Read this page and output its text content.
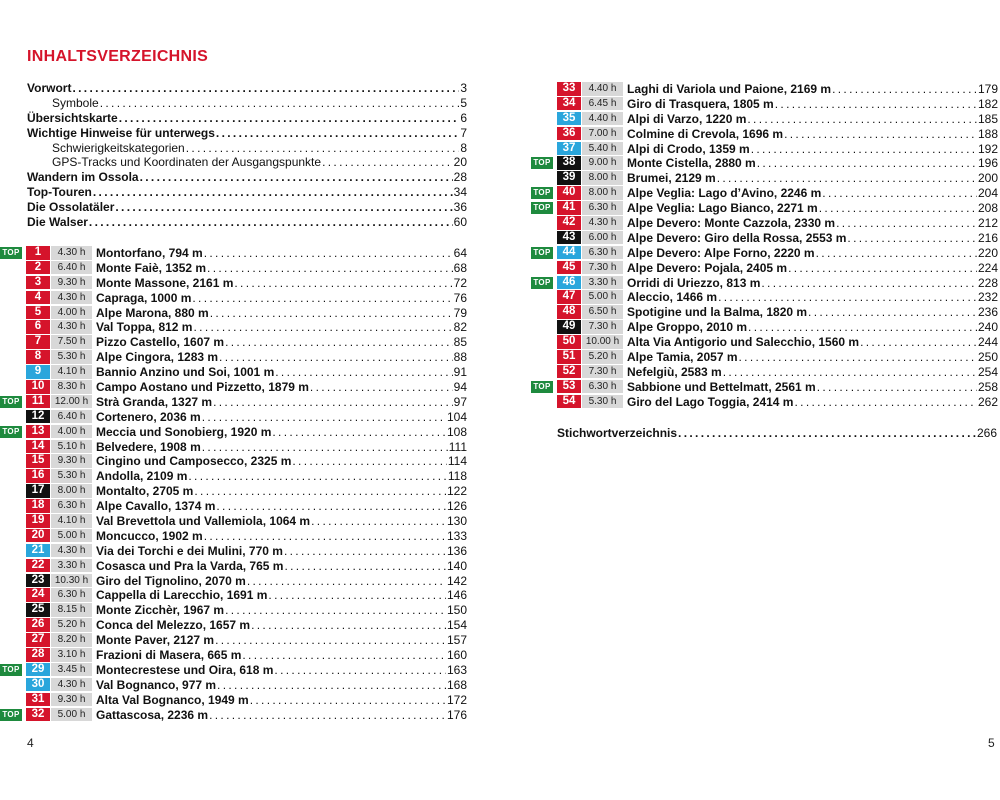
INHALTSVERZEICHNIS
Vorwort . . .	3
Symbole . . .	5
Übersichtskarte . . .	6
Wichtige Hinweise für unterwegs . . .	7
Schwierigkeitskategorien . . .	8
GPS-Tracks und Koordinaten der Ausgangspunkte . . .	20
Wandern im Ossola . . .	28
Top-Touren . . .	34
Die Ossolatäler . . .	36
Die Walser . . .	60
TOP	1	4.30 h Montorfano, 794 m . . .	64
2	6.40 h Monte Faiè, 1352 m . . .	68
3	9.30 h Monte Massone, 2161 m . . .	72
4	4.30 h Capraga, 1000 m . . .	76
5	4.00 h Alpe Marona, 880 m . . .	79
6	4.30 h Val Toppa, 812 m . . .	82
7	7.50 h Pizzo Castello, 1607 m . . .	85
8	5.30 h Alpe Cingora, 1283 m . . .	88
9	4.10 h Bannio Anzino und Soi, 1001 m . . .	91
10	8.30 h Campo Aostano und Pizzetto, 1879 m . . .	94
TOP	11	12.00 h Strà Granda, 1327 m . . .	97
12	6.40 h Cortenero, 2036 m . . .	104
TOP	13	4.00 h Meccia und Sonobierg, 1920 m . . .	108
14	5.10 h Belvedere, 1908 m . . .	111
15	9.30 h Cingino und Camposecco, 2325 m . . .	114
16	5.30 h Andolla, 2109 m . . .	118
17	8.00 h Montalto, 2705 m . . .	122
18	6.30 h Alpe Cavallo, 1374 m . . .	126
19	4.10 h Val Brevettola und Vallemiola, 1064 m . . .	130
20	5.00 h Moncucco, 1902 m . . .	133
21	4.30 h Via dei Torchi e dei Mulini, 770 m . . .	136
22	3.30 h Cosasca und Pra la Varda, 765 m . . .	140
23	10.30 h Giro del Tignolino, 2070 m . . .	142
24	6.30 h Cappella di Larecchio, 1691 m . . .	146
25	8.15 h Monte Zicchèr, 1967 m . . .	150
26	5.20 h Conca del Melezzo, 1657 m . . .	154
27	8.20 h Monte Paver, 2127 m . . .	157
28	3.10 h Frazioni di Masera, 665 m . . .	160
TOP	29	3.45 h Montecrestese und Oira, 618 m . . .	163
30	4.30 h Val Bognanco, 977 m . . .	168
31	9.30 h Alta Val Bognanco, 1949 m . . .	172
TOP	32	5.00 h Gattascosa, 2236 m . . .	176
33	4.40 h Laghi di Variola und Paione, 2169 m . . .	179
34	6.45 h Giro di Trasquera, 1805 m . . .	182
35	4.40 h Alpi di Varzo, 1220 m . . .	185
36	7.00 h Colmine di Crevola, 1696 m . . .	188
37	5.40 h Alpi di Crodo, 1359 m . . .	192
TOP	38	9.00 h Monte Cistella, 2880 m . . .	196
39	8.00 h Brumei, 2129 m . . .	200
TOP	40	8.00 h Alpe Veglia: Lago d’Avino, 2246 m . . .	204
TOP	41	6.30 h Alpe Veglia: Lago Bianco, 2271 m . . .	208
42	4.30 h Alpe Devero: Monte Cazzola, 2330 m . . .	212
43	6.00 h Alpe Devero: Giro della Rossa, 2553 m . . .	216
TOP	44	6.30 h Alpe Devero: Alpe Forno, 2220 m . . .	220
45	7.30 h Alpe Devero: Pojala, 2405 m . . .	224
TOP	46	3.30 h Orridi di Uriezzo, 813 m . . .	228
47	5.00 h Aleccio, 1466 m . . .	232
48	6.50 h Spotigine und la Balma, 1820 m . . .	236
49	7.30 h Alpe Groppo, 2010 m . . .	240
50	10.00 h Alta Via Antigorio und Salecchio, 1560 m . . .	244
51	5.20 h Alpe Tamia, 2057 m . . .	250
52	7.30 h Nefelgiù, 2583 m . . .	254
TOP	53	6.30 h Sabbione und Bettelmatt, 2561 m . . .	258
54	5.30 h Giro del Lago Toggia, 2414 m . . .	262
Stichwortverzeichnis . . .	266
4	5
